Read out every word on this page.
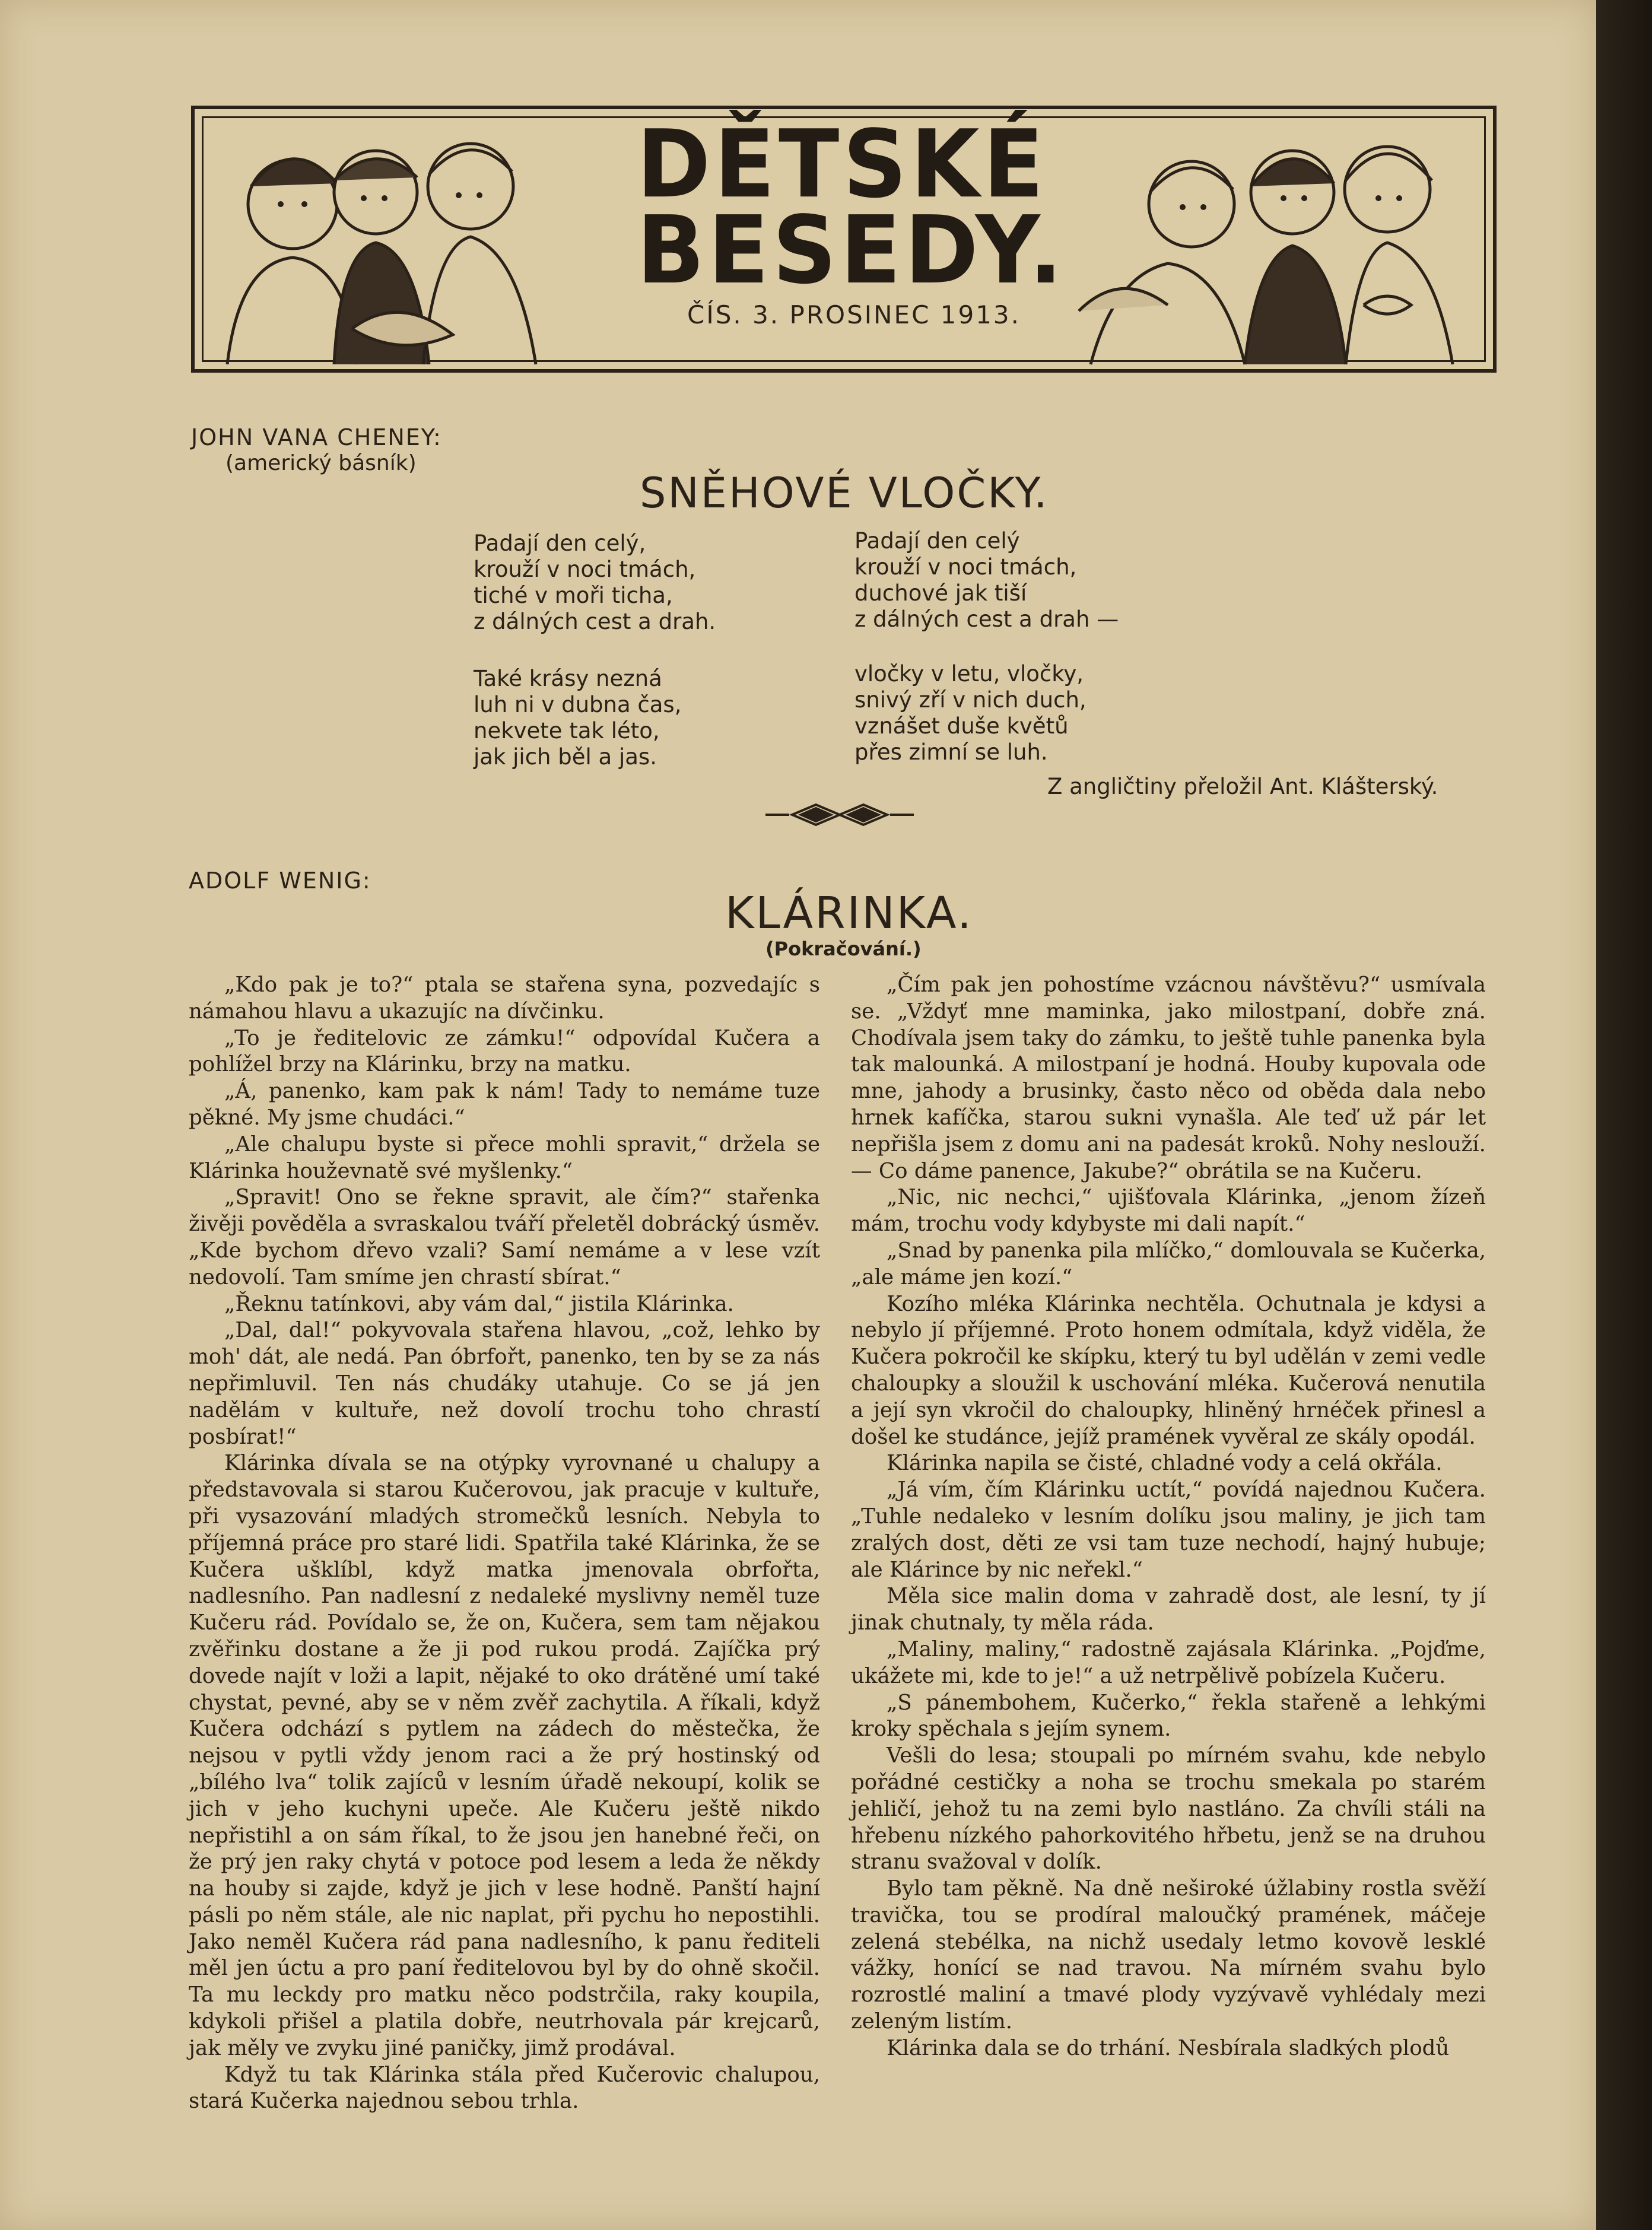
DĚTSKÉ
BESEDY.
ČÍS. 3. PROSINEC 1913.
JOHN VANA CHENEY:
(americký básník)
SNĚHOVÉ VLOČKY.
Padají den celý,
krouží v noci tmách,
tiché v moři ticha,
z dálných cest a drah.
Také krásy nezná
luh ni v dubna čas,
nekvete tak léto,
jak jich běl a jas.
Padají den celý
krouží v noci tmách,
duchové jak tiší
z dálných cest a drah —
vločky v letu, vločky,
snivý zří v nich duch,
vznášet duše květů
přes zimní se luh.
Z angličtiny přeložil Ant. Klášterský.
ADOLF WENIG:
KLÁRINKA.
(Pokračování.)

„Kdo pak je to?“ ptala se stařena syna, pozvedajíc s námahou hlavu a ukazujíc na dívčinku.

„To je ředitelovic ze zámku!“ odpovídal Kučera a pohlížel brzy na Klárinku, brzy na matku.

„Á, panenko, kam pak k nám! Tady to nemáme tuze pěkné. My jsme chudáci.“

„Ale chalupu byste si přece mohli spravit,“ držela se Klárinka houževnatě své myšlenky.“

„Spravit! Ono se řekne spravit, ale čím?“ stařenka živěji pověděla a svraskalou tváří přeletěl dobrácký úsměv. „Kde bychom dřevo vzali? Samí nemáme a v lese vzít nedovolí. Tam smíme jen chrastí sbírat.“

„Řeknu tatínkovi, aby vám dal,“ jistila Klárinka.

„Dal, dal!“ pokyvovala stařena hlavou, „což, lehko by moh' dát, ale nedá. Pan óbrfořt, panenko, ten by se za nás nepřimluvil. Ten nás chudáky utahuje. Co se já jen nadělám v kultuře, než dovolí trochu toho chrastí posbírat!“

Klárinka dívala se na otýpky vyrovnané u chalupy a představovala si starou Kučerovou, jak pracuje v kultuře, při vysazování mladých stromečků lesních. Nebyla to příjemná práce pro staré lidi. Spatřila také Klárinka, že se Kučera ušklíbl, když matka jmenovala obrfořta, nadlesního. Pan nadlesní z nedaleké myslivny neměl tuze Kučeru rád. Povídalo se, že on, Kučera, sem tam nějakou zvěřinku dostane a že ji pod rukou prodá. Zajíčka prý dovede najít v loži a lapit, nějaké to oko drátěné umí také chystat, pevné, aby se v něm zvěř zachytila. A říkali, když Kučera odchází s pytlem na zádech do městečka, že nejsou v pytli vždy jenom raci a že prý hostinský od „bílého lva“ tolik zajíců v lesním úřadě nekoupí, kolik se jich v jeho kuchyni upeče. Ale Kučeru ještě nikdo nepřistihl a on sám říkal, to že jsou jen hanebné řeči, on že prý jen raky chytá v potoce pod lesem a leda že někdy na houby si zajde, když je jich v lese hodně. Panští hajní pásli po něm stále, ale nic naplat, při pychu ho nepostihli. Jako neměl Kučera rád pana nadlesního, k panu řediteli měl jen úctu a pro paní ředitelovou byl by do ohně skočil. Ta mu leckdy pro matku něco podstrčila, raky koupila, kdykoli přišel a platila dobře, neutrhovala pár krejcarů, jak měly ve zvyku jiné paničky, jimž prodával.

Když tu tak Klárinka stála před Kučerovic chalupou, stará Kučerka najednou sebou trhla.

„Čím pak jen pohostíme vzácnou návštěvu?“ usmívala se. „Vždyť mne maminka, jako milostpaní, dobře zná. Chodívala jsem taky do zámku, to ještě tuhle panenka byla tak malounká. A milostpaní je hodná. Houby kupovala ode mne, jahody a brusinky, často něco od oběda dala nebo hrnek kafíčka, starou sukni vynašla. Ale teď už pár let nepřišla jsem z domu ani na padesát kroků. Nohy neslouží. — Co dáme panence, Jakube?“ obrátila se na Kučeru.

„Nic, nic nechci,“ ujišťovala Klárinka, „jenom žízeň mám, trochu vody kdybyste mi dali napít.“

„Snad by panenka pila mlíčko,“ domlouvala se Kučerka, „ale máme jen kozí.“

Kozího mléka Klárinka nechtěla. Ochutnala je kdysi a nebylo jí příjemné. Proto honem odmítala, když viděla, že Kučera pokročil ke skípku, který tu byl udělán v zemi vedle chaloupky a sloužil k uschování mléka. Kučerová nenutila a její syn vkročil do chaloupky, hliněný hrnéček přinesl a došel ke studánce, jejíž pramének vyvěral ze skály opodál.

Klárinka napila se čisté, chladné vody a celá okřála.

„Já vím, čím Klárinku uctít,“ povídá najednou Kučera. „Tuhle nedaleko v lesním dolíku jsou maliny, je jich tam zralých dost, děti ze vsi tam tuze nechodí, hajný hubuje; ale Klárince by nic neřekl.“

Měla sice malin doma v zahradě dost, ale lesní, ty jí jinak chutnaly, ty měla ráda.

„Maliny, maliny,“ radostně zajásala Klárinka. „Pojďme, ukážete mi, kde to je!“ a už netrpělivě pobízela Kučeru.

„S pánembohem, Kučerko,“ řekla stařeně a lehkými kroky spěchala s jejím synem.

Vešli do lesa; stoupali po mírném svahu, kde nebylo pořádné cestičky a noha se trochu smekala po starém jehličí, jehož tu na zemi bylo nastláno. Za chvíli stáli na hřebenu nízkého pahorkovitého hřbetu, jenž se na druhou stranu svažoval v dolík.

Bylo tam pěkně. Na dně neširoké úžlabiny rostla svěží travička, tou se prodíral maloučký pramének, máčeje zelená stebélka, na nichž usedaly letmo kovově lesklé vážky, honící se nad travou. Na mírném svahu bylo rozrostlé maliní a tmavé plody vyzývavě vyhlédaly mezi zeleným listím.

Klárinka dala se do trhání. Nesbírala sladkých plodů
